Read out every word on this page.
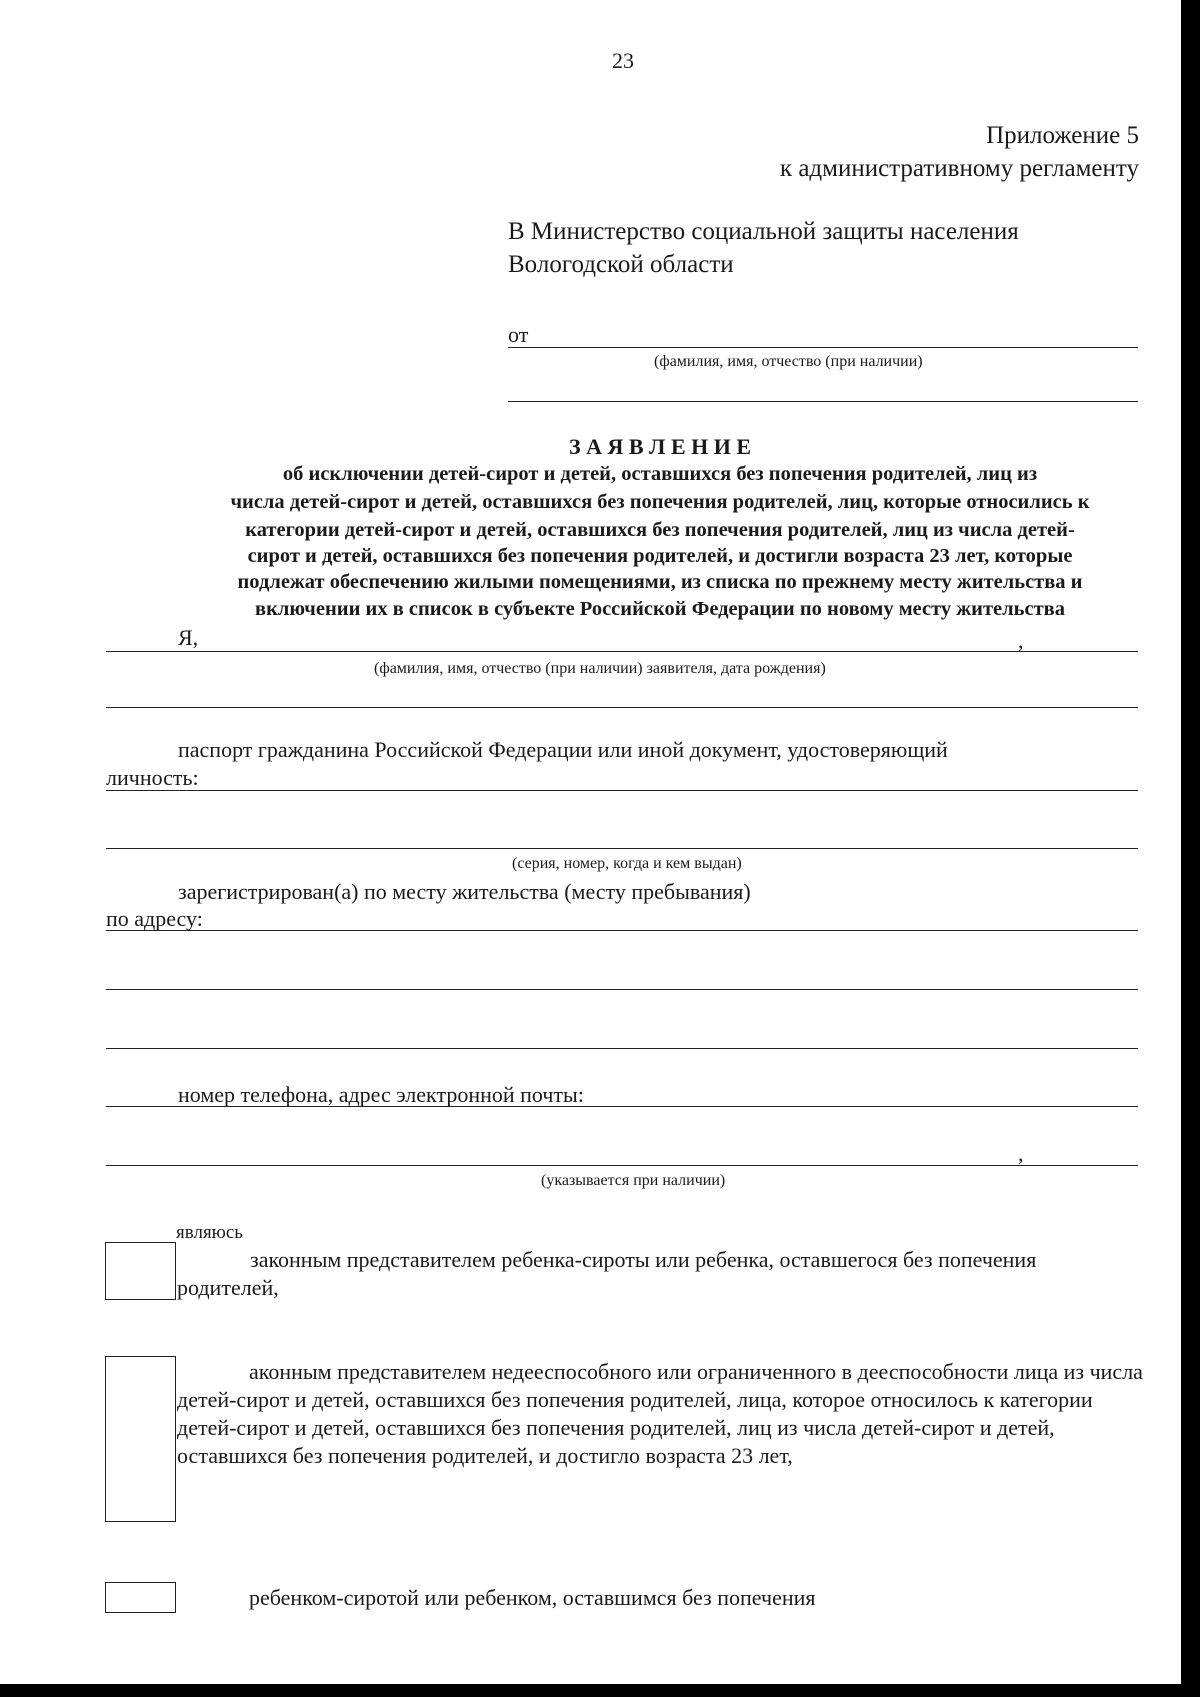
23
Приложение 5
к административному регламенту
В Министерство социальной защиты населения
Вологодской области
от
(фамилия, имя, отчество (при наличии)
З А Я В Л Е Н И Е
об исключении детей-сирот и детей, оставшихся без попечения родителей, лиц из
числа детей-сирот и детей, оставшихся без попечения родителей, лиц, которые относились к
категории детей-сирот и детей, оставшихся без попечения родителей, лиц из числа детей-
сирот и детей, оставшихся без попечения родителей, и достигли возраста 23 лет, которые
подлежат обеспечению жилыми помещениями, из списка по прежнему месту жительства и
включении их в список в субъекте Российской Федерации по новому месту жительства
Я,	,
(фамилия, имя, отчество (при наличии) заявителя, дата рождения)
паспорт гражданина Российской Федерации или иной документ, удостоверяющий
личность:
(серия, номер, когда и кем выдан)
зарегистрирован(а) по месту жительства (месту пребывания)
по адресу:
номер телефона, адрес электронной почты:
,
(указывается при наличии)
являюсь
законным представителем ребенка-сироты или ребенка, оставшегося без попечения родителей,
аконным представителем недееспособного или ограниченного в дееспособности лица из числа детей-сирот и детей, оставшихся без попечения родителей, лица, которое относилось к категории детей-сирот и детей, оставшихся без попечения родителей, лиц из числа детей-сирот и детей, оставшихся без попечения родителей, и достигло возраста 23 лет,
ребенком-сиротой или ребенком, оставшимся без попечения
